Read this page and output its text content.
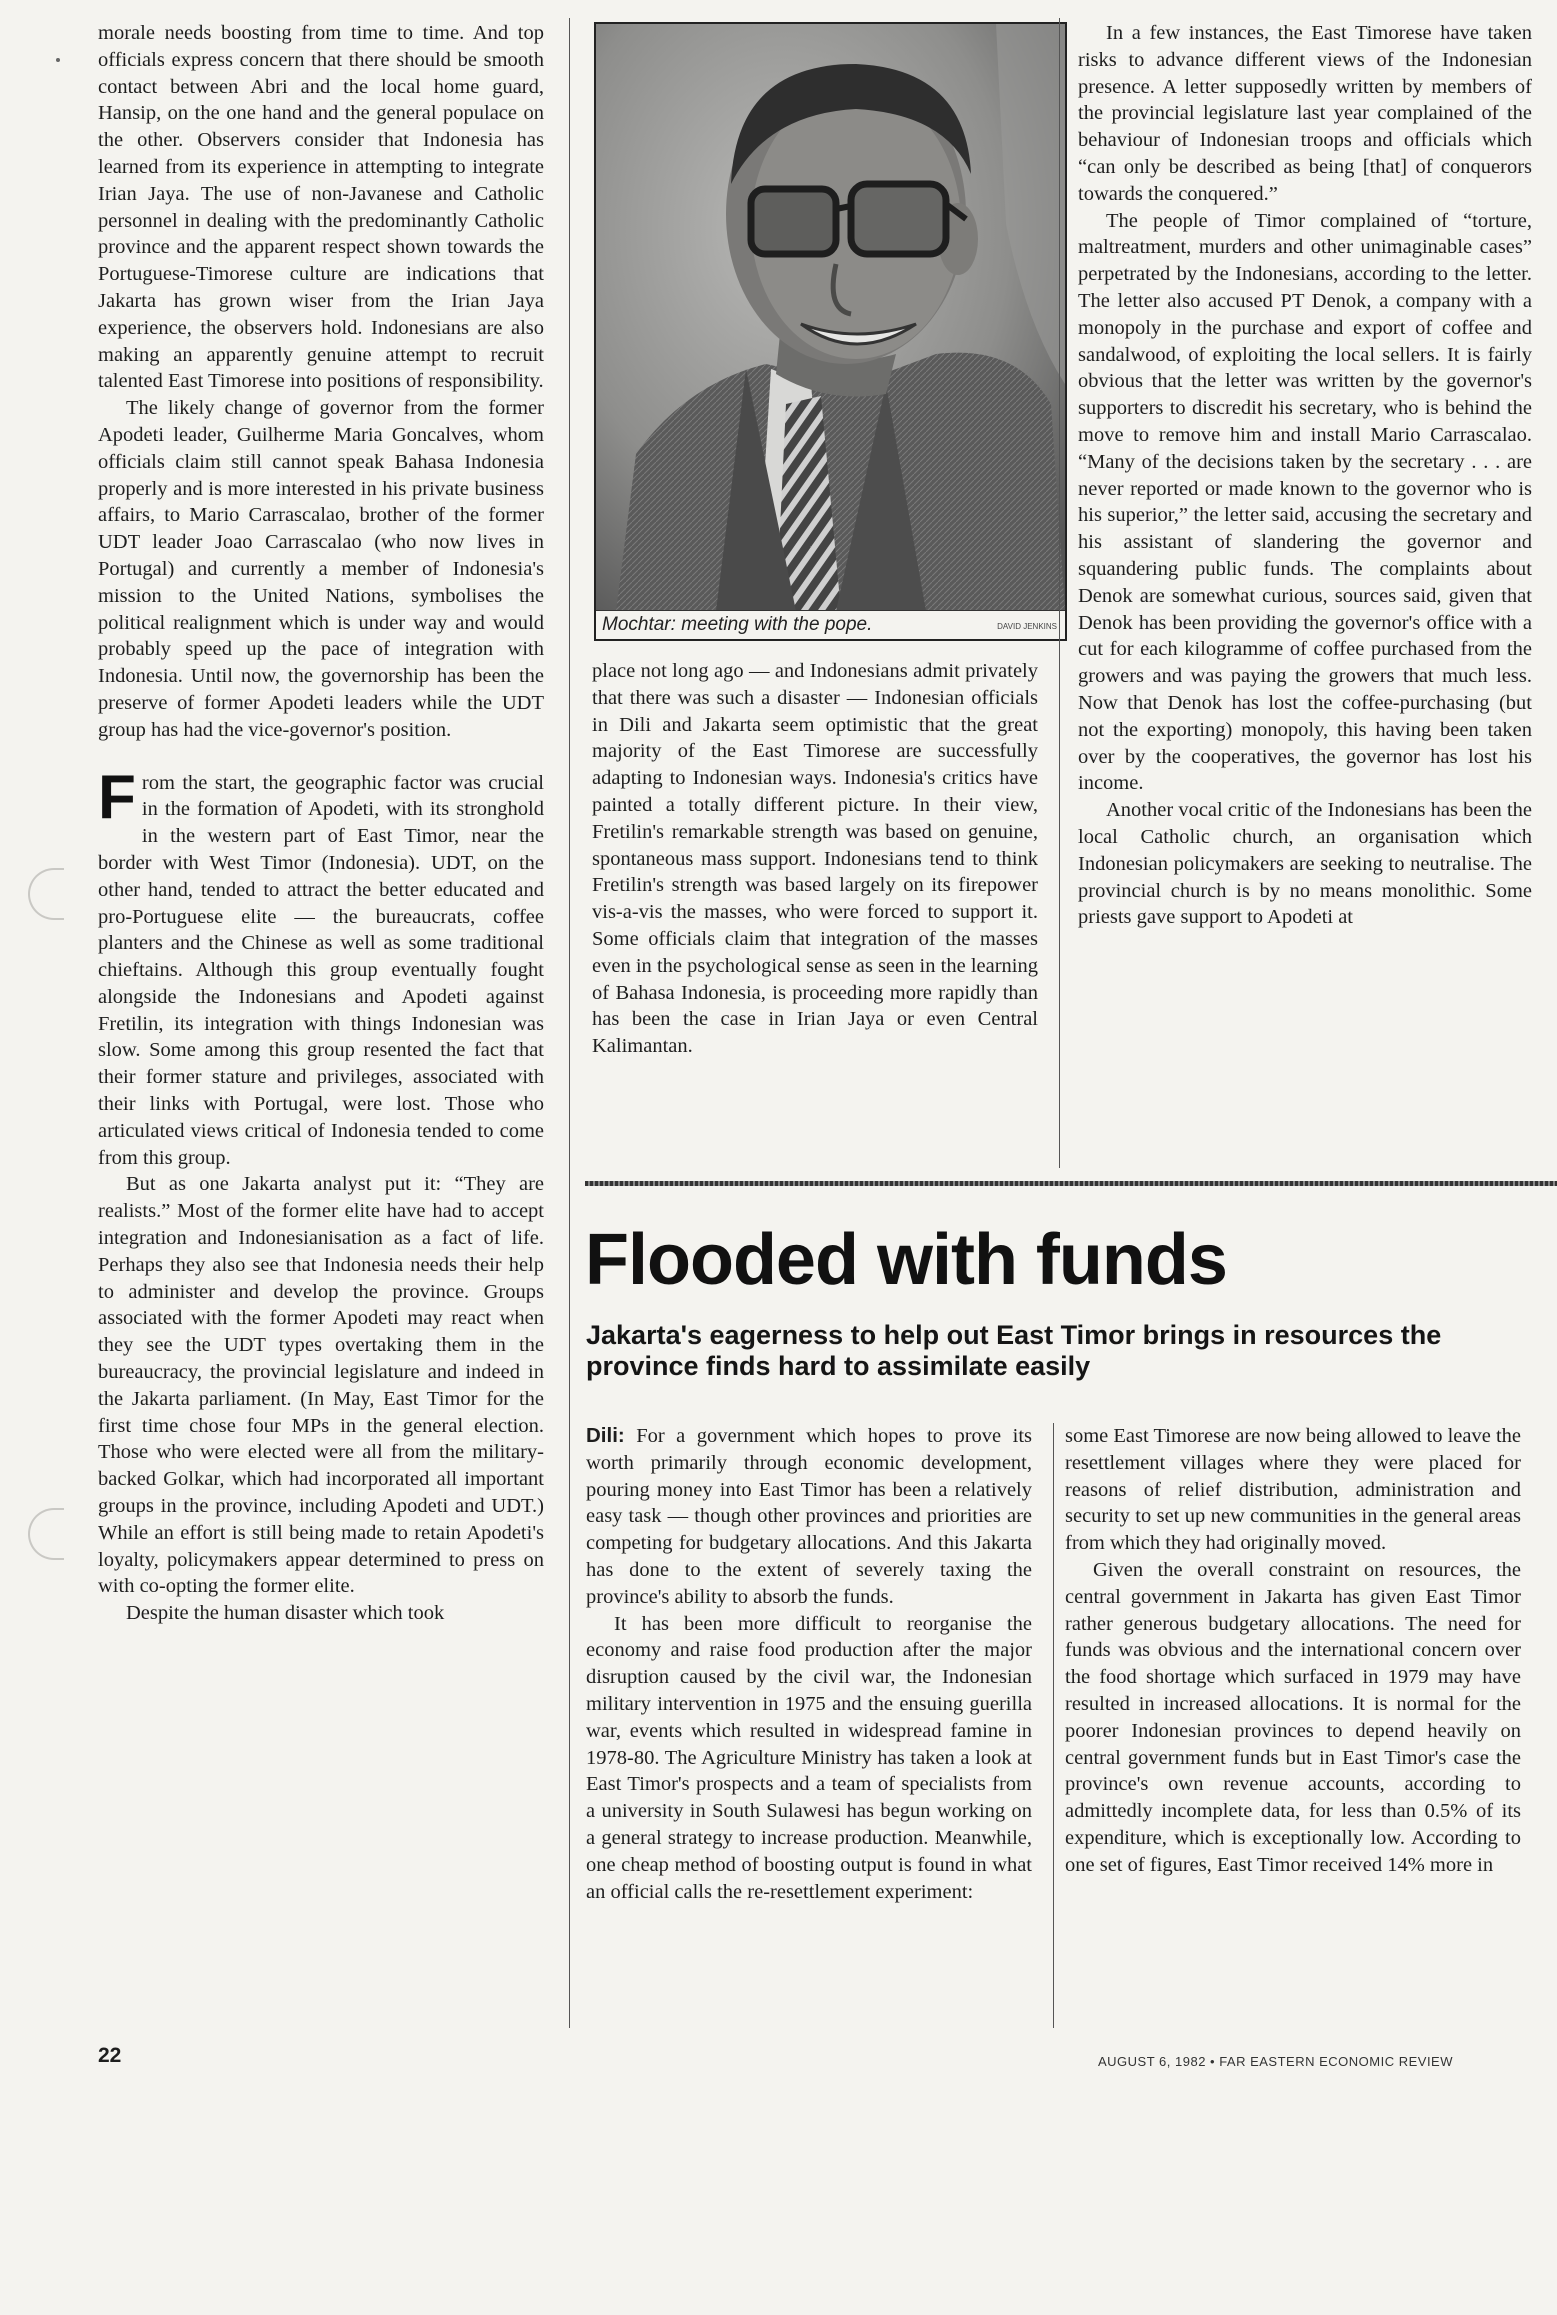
morale needs boosting from time to time. And top officials express concern that there should be smooth contact between Abri and the local home guard, Hansip, on the one hand and the general populace on the other. Observers consider that Indonesia has learned from its experience in attempting to integrate Irian Jaya. The use of non-Javanese and Catholic personnel in dealing with the predominantly Catholic province and the apparent respect shown towards the Portuguese-Timorese culture are indications that Jakarta has grown wiser from the Irian Jaya experience, the observers hold. Indonesians are also making an apparently genuine attempt to recruit talented East Timorese into positions of responsibility.

The likely change of governor from the former Apodeti leader, Guilherme Maria Goncalves, whom officials claim still cannot speak Bahasa Indonesia properly and is more interested in his private business affairs, to Mario Carrascalao, brother of the former UDT leader Joao Carrascalao (who now lives in Portugal) and currently a member of Indonesia's mission to the United Nations, symbolises the political realignment which is under way and would probably speed up the pace of integration with Indonesia. Until now, the governorship has been the preserve of former Apodeti leaders while the UDT group has had the vice-governor's position.

From the start, the geographic factor was crucial in the formation of Apodeti, with its stronghold in the western part of East Timor, near the border with West Timor (Indonesia). UDT, on the other hand, tended to attract the better educated and pro-Portuguese elite — the bureaucrats, coffee planters and the Chinese as well as some traditional chieftains. Although this group eventually fought alongside the Indonesians and Apodeti against Fretilin, its integration with things Indonesian was slow. Some among this group resented the fact that their former stature and privileges, associated with their links with Portugal, were lost. Those who articulated views critical of Indonesia tended to come from this group.

But as one Jakarta analyst put it: “They are realists.” Most of the former elite have had to accept integration and Indonesianisation as a fact of life. Perhaps they also see that Indonesia needs their help to administer and develop the province. Groups associated with the former Apodeti may react when they see the UDT types overtaking them in the bureaucracy, the provincial legislature and indeed in the Jakarta parliament. (In May, East Timor for the first time chose four MPs in the general election. Those who were elected were all from the military-backed Golkar, which had incorporated all important groups in the province, including Apodeti and UDT.) While an effort is still being made to retain Apodeti's loyalty, policymakers appear determined to press on with co-opting the former elite.

Despite the human disaster which took

Mochtar: meeting with the pope.	DAVID JENKINS

place not long ago — and Indonesians admit privately that there was such a disaster — Indonesian officials in Dili and Jakarta seem optimistic that the great majority of the East Timorese are successfully adapting to Indonesian ways. Indonesia's critics have painted a totally different picture. In their view, Fretilin's remarkable strength was based on genuine, spontaneous mass support. Indonesians tend to think Fretilin's strength was based largely on its firepower vis-a-vis the masses, who were forced to support it. Some officials claim that integration of the masses even in the psychological sense as seen in the learning of Bahasa Indonesia, is proceeding more rapidly than has been the case in Irian Jaya or even Central Kalimantan.

In a few instances, the East Timorese have taken risks to advance different views of the Indonesian presence. A letter supposedly written by members of the provincial legislature last year complained of the behaviour of Indonesian troops and officials which “can only be described as being [that] of conquerors towards the conquered.”

The people of Timor complained of “torture, maltreatment, murders and other unimaginable cases” perpetrated by the Indonesians, according to the letter. The letter also accused PT Denok, a company with a monopoly in the purchase and export of coffee and sandalwood, of exploiting the local sellers. It is fairly obvious that the letter was written by the governor's supporters to discredit his secretary, who is behind the move to remove him and install Mario Carrascalao. “Many of the decisions taken by the secretary . . . are never reported or made known to the governor who is his superior,” the letter said, accusing the secretary and his assistant of slandering the governor and squandering public funds. The complaints about Denok are somewhat curious, sources said, given that Denok has been providing the governor's office with a cut for each kilogramme of coffee purchased from the growers and was paying the growers that much less. Now that Denok has lost the coffee-purchasing (but not the exporting) monopoly, this having been taken over by the cooperatives, the governor has lost his income.

Another vocal critic of the Indonesians has been the local Catholic church, an organisation which Indonesian policymakers are seeking to neutralise. The provincial church is by no means monolithic. Some priests gave support to Apodeti at

Flooded with funds
Jakarta's eagerness to help out East Timor brings in resources the province finds hard to assimilate easily

Dili: For a government which hopes to prove its worth primarily through economic development, pouring money into East Timor has been a relatively easy task — though other provinces and priorities are competing for budgetary allocations. And this Jakarta has done to the extent of severely taxing the province's ability to absorb the funds.

It has been more difficult to reorganise the economy and raise food production after the major disruption caused by the civil war, the Indonesian military intervention in 1975 and the ensuing guerilla war, events which resulted in widespread famine in 1978-80. The Agriculture Ministry has taken a look at East Timor's prospects and a team of specialists from a university in South Sulawesi has begun working on a general strategy to increase production. Meanwhile, one cheap method of boosting output is found in what an official calls the re-resettlement experiment:

some East Timorese are now being allowed to leave the resettlement villages where they were placed for reasons of relief distribution, administration and security to set up new communities in the general areas from which they had originally moved.

Given the overall constraint on resources, the central government in Jakarta has given East Timor rather generous budgetary allocations. The need for funds was obvious and the international concern over the food shortage which surfaced in 1979 may have resulted in increased allocations. It is normal for the poorer Indonesian provinces to depend heavily on central government funds but in East Timor's case the province's own revenue accounts, according to admittedly incomplete data, for less than 0.5% of its expenditure, which is exceptionally low. According to one set of figures, East Timor received 14% more in

22	AUGUST 6, 1982 • FAR EASTERN ECONOMIC REVIEW
